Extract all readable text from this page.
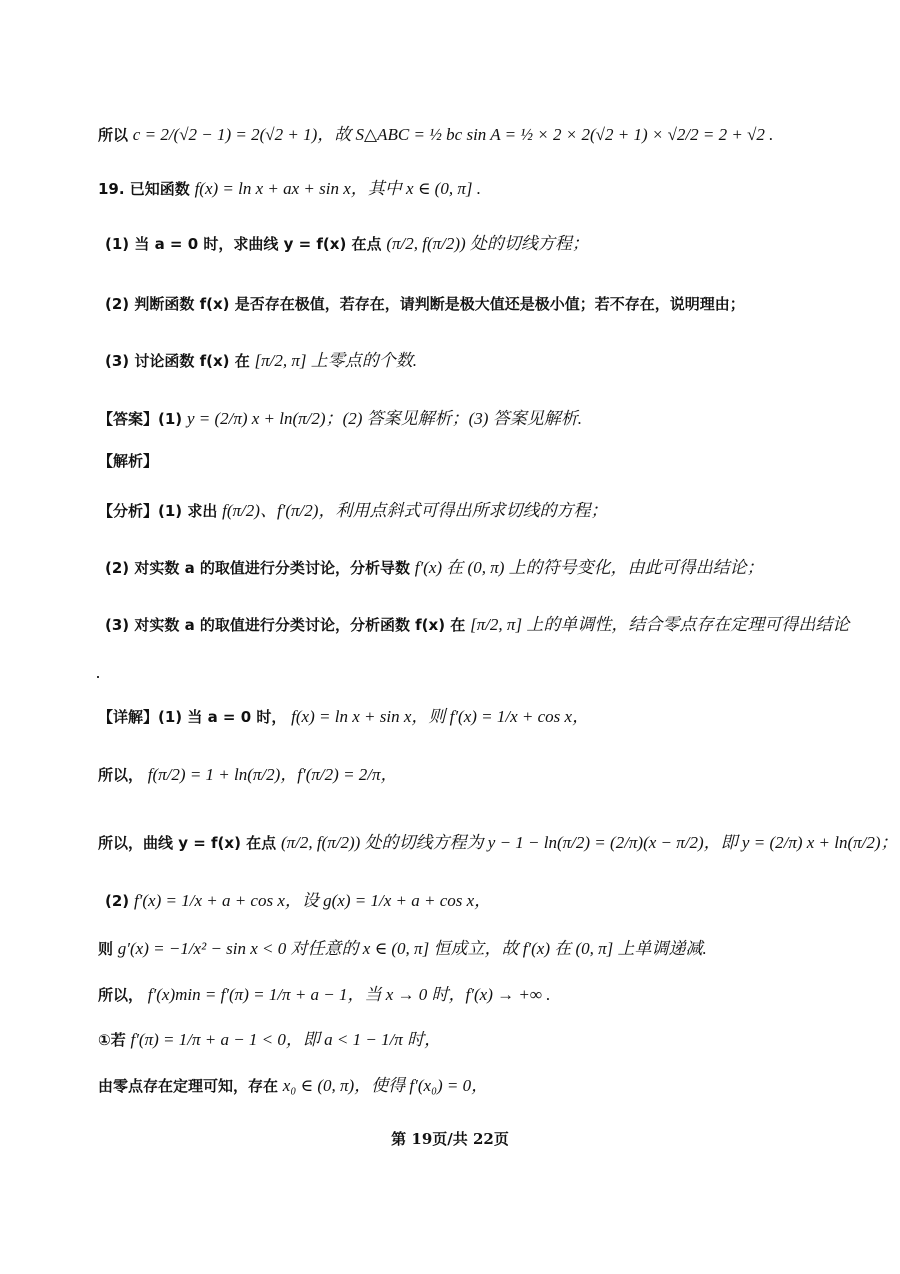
所以 c = 2/(√2 − 1) = 2(√2 + 1)，故 S△ABC = ½ bc sin A = ½ × 2 × 2(√2 + 1) × √2/2 = 2 + √2 .
19. 已知函数 f(x) = ln x + ax + sin x，其中 x ∈ (0, π] .
(1) 当 a = 0 时，求曲线 y = f(x) 在点 (π/2, f(π/2)) 处的切线方程；
(2) 判断函数 f(x) 是否存在极值，若存在，请判断是极大值还是极小值；若不存在，说明理由；
(3) 讨论函数 f(x) 在 [π/2, π] 上零点的个数.
【答案】(1) y = (2/π) x + ln(π/2)；(2) 答案见解析；(3) 答案见解析.
【解析】
【分析】(1) 求出 f(π/2)、f′(π/2)，利用点斜式可得出所求切线的方程；
(2) 对实数 a 的取值进行分类讨论，分析导数 f′(x) 在 (0, π) 上的符号变化，由此可得出结论；
(3) 对实数 a 的取值进行分类讨论，分析函数 f(x) 在 [π/2, π] 上的单调性，结合零点存在定理可得出结论
【详解】(1) 当 a = 0 时， f(x) = ln x + sin x，则 f′(x) = 1/x + cos x，
所以， f(π/2) = 1 + ln(π/2)，f′(π/2) = 2/π，
所以，曲线 y = f(x) 在点 (π/2, f(π/2)) 处的切线方程为 y − 1 − ln(π/2) = (2/π)(x − π/2)，即 y = (2/π) x + ln(π/2)；
(2) f′(x) = 1/x + a + cos x，设 g(x) = 1/x + a + cos x，
则 g′(x) = −1/x² − sin x < 0 对任意的 x ∈ (0, π] 恒成立，故 f′(x) 在 (0, π] 上单调递减.
所以， f′(x)min = f′(π) = 1/π + a − 1，当 x → 0 时，f′(x) → +∞ .
①若 f′(π) = 1/π + a − 1 < 0，即 a < 1 − 1/π 时，
由零点存在定理可知，存在 x₀ ∈ (0, π)，使得 f′(x₀) = 0，
第 19页/共 22页
